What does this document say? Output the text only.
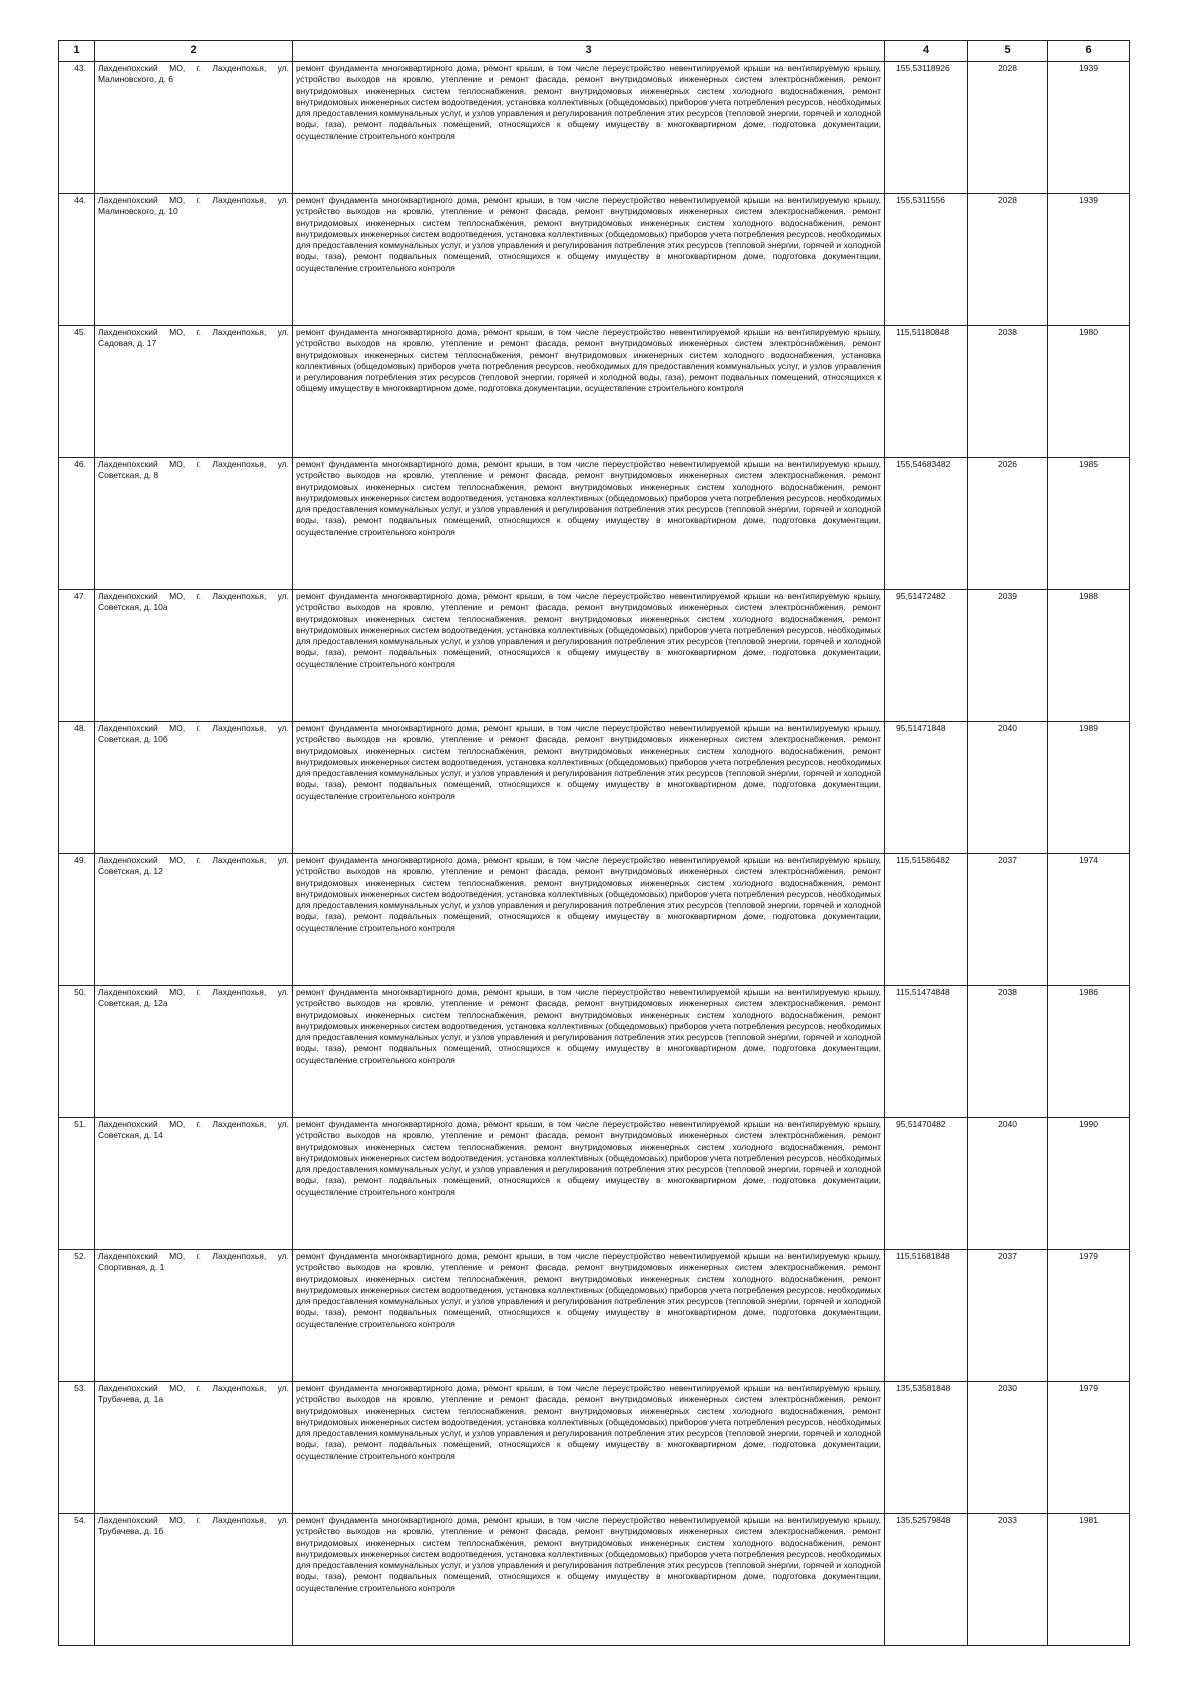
1	2	3	4	5	6
43.	Лахденпохский МО, г. Лахденпохья, ул. Малиновского, д. 6	ремонт фундамента многоквартирного дома, ремонт крыши, в том числе переустройство невентилируемой крыши на вентилируемую крышу, устройство выходов на кровлю, утепление и ремонт фасада, ремонт внутридомовых инженерных систем электроснабжения, ремонт внутридомовых инженерных систем теплоснабжения, ремонт внутридомовых инженерных систем холодного водоснабжения, ремонт внутридомовых инженерных систем водоотведения, установка коллективных (общедомовых) приборов учета потребления ресурсов, необходимых для предоставления коммунальных услуг, и узлов управления и регулирования потребления этих ресурсов (тепловой энергии, горячей и холодной воды, газа), ремонт подвальных помещений, относящихся к общему имуществу в многоквартирном доме, подготовка документации, осуществление строительного контроля	155,53118926	2028	1939
44.	Лахденпохский МО, г. Лахденпохья, ул. Малиновского, д. 10	ремонт фундамента многоквартирного дома, ремонт крыши, в том числе переустройство невентилируемой крыши на вентилируемую крышу, устройство выходов на кровлю, утепление и ремонт фасада, ремонт внутридомовых инженерных систем электроснабжения, ремонт внутридомовых инженерных систем теплоснабжения, ремонт внутридомовых инженерных систем холодного водоснабжения, ремонт внутридомовых инженерных систем водоотведения, установка коллективных (общедомовых) приборов учета потребления ресурсов, необходимых для предоставления коммунальных услуг, и узлов управления и регулирования потребления этих ресурсов (тепловой энергии, горячей и холодной воды, газа), ремонт подвальных помещений, относящихся к общему имуществу в многоквартирном доме, подготовка документации, осуществление строительного контроля	155,5311556	2028	1939
45.	Лахденпохский МО, г. Лахденпохья, ул. Садовая, д. 17	ремонт фундамента многоквартирного дома, ремонт крыши, в том числе переустройство невентилируемой крыши на вентилируемую крышу, устройство выходов на кровлю, утепление и ремонт фасада, ремонт внутридомовых инженерных систем электроснабжения, ремонт внутридомовых инженерных систем теплоснабжения, ремонт внутридомовых инженерных систем холодного водоснабжения, установка коллективных (общедомовых) приборов учета потребления ресурсов, необходимых для предоставления коммунальных услуг, и узлов управления и регулирования потребления этих ресурсов (тепловой энергии, горячей и холодной воды, газа), ремонт подвальных помещений, относящихся к общему имуществу в многоквартирном доме, подготовка документации, осуществление строительного контроля	115,51180848	2038	1980
46.	Лахденпохский МО, г. Лахденпохья, ул. Советская, д. 8	ремонт фундамента многоквартирного дома, ремонт крыши, в том числе переустройство невентилируемой крыши на вентилируемую крышу, устройство выходов на кровлю, утепление и ремонт фасада, ремонт внутридомовых инженерных систем электроснабжения, ремонт внутридомовых инженерных систем теплоснабжения, ремонт внутридомовых инженерных систем холодного водоснабжения, ремонт внутридомовых инженерных систем водоотведения, установка коллективных (общедомовых) приборов учета потребления ресурсов, необходимых для предоставления коммунальных услуг, и узлов управления и регулирования потребления этих ресурсов (тепловой энергии, горячей и холодной воды, газа), ремонт подвальных помещений, относящихся к общему имуществу в многоквартирном доме, подготовка документации, осуществление строительного контроля	155,54683482	2026	1985
47.	Лахденпохский МО, г. Лахденпохья, ул. Советская, д. 10а	ремонт фундамента многоквартирного дома, ремонт крыши, в том числе переустройство невентилируемой крыши на вентилируемую крышу, устройство выходов на кровлю, утепление и ремонт фасада, ремонт внутридомовых инженерных систем электроснабжения, ремонт внутридомовых инженерных систем теплоснабжения, ремонт внутридомовых инженерных систем холодного водоснабжения, ремонт внутридомовых инженерных систем водоотведения, установка коллективных (общедомовых) приборов учета потребления ресурсов, необходимых для предоставления коммунальных услуг, и узлов управления и регулирования потребления этих ресурсов (тепловой энергии, горячей и холодной воды, газа), ремонт подвальных помещений, относящихся к общему имуществу в многоквартирном доме, подготовка документации, осуществление строительного контроля	95,51472482	2039	1988
48.	Лахденпохский МО, г. Лахденпохья, ул. Советская, д. 10б	ремонт фундамента многоквартирного дома, ремонт крыши, в том числе переустройство невентилируемой крыши на вентилируемую крышу, устройство выходов на кровлю, утепление и ремонт фасада, ремонт внутридомовых инженерных систем электроснабжения, ремонт внутридомовых инженерных систем теплоснабжения, ремонт внутридомовых инженерных систем холодного водоснабжения, ремонт внутридомовых инженерных систем водоотведения, установка коллективных (общедомовых) приборов учета потребления ресурсов, необходимых для предоставления коммунальных услуг, и узлов управления и регулирования потребления этих ресурсов (тепловой энергии, горячей и холодной воды, газа), ремонт подвальных помещений, относящихся к общему имуществу в многоквартирном доме, подготовка документации, осуществление строительного контроля	95,51471848	2040	1989
49.	Лахденпохский МО, г. Лахденпохья, ул. Советская, д. 12	ремонт фундамента многоквартирного дома, ремонт крыши, в том числе переустройство невентилируемой крыши на вентилируемую крышу, устройство выходов на кровлю, утепление и ремонт фасада, ремонт внутридомовых инженерных систем электроснабжения, ремонт внутридомовых инженерных систем теплоснабжения, ремонт внутридомовых инженерных систем холодного водоснабжения, ремонт внутридомовых инженерных систем водоотведения, установка коллективных (общедомовых) приборов учета потребления ресурсов, необходимых для предоставления коммунальных услуг, и узлов управления и регулирования потребления этих ресурсов (тепловой энергии, горячей и холодной воды, газа), ремонт подвальных помещений, относящихся к общему имуществу в многоквартирном доме, подготовка документации, осуществление строительного контроля	115,51586482	2037	1974
50.	Лахденпохский МО, г. Лахденпохья, ул. Советская, д. 12а	ремонт фундамента многоквартирного дома, ремонт крыши, в том числе переустройство невентилируемой крыши на вентилируемую крышу, устройство выходов на кровлю, утепление и ремонт фасада, ремонт внутридомовых инженерных систем электроснабжения, ремонт внутридомовых инженерных систем теплоснабжения, ремонт внутридомовых инженерных систем холодного водоснабжения, ремонт внутридомовых инженерных систем водоотведения, установка коллективных (общедомовых) приборов учета потребления ресурсов, необходимых для предоставления коммунальных услуг, и узлов управления и регулирования потребления этих ресурсов (тепловой энергии, горячей и холодной воды, газа), ремонт подвальных помещений, относящихся к общему имуществу в многоквартирном доме, подготовка документации, осуществление строительного контроля	115,51474848	2038	1986
51.	Лахденпохский МО, г. Лахденпохья, ул. Советская, д. 14	ремонт фундамента многоквартирного дома, ремонт крыши, в том числе переустройство невентилируемой крыши на вентилируемую крышу, устройство выходов на кровлю, утепление и ремонт фасада, ремонт внутридомовых инженерных систем электроснабжения, ремонт внутридомовых инженерных систем теплоснабжения, ремонт внутридомовых инженерных систем холодного водоснабжения, ремонт внутридомовых инженерных систем водоотведения, установка коллективных (общедомовых) приборов учета потребления ресурсов, необходимых для предоставления коммунальных услуг, и узлов управления и регулирования потребления этих ресурсов (тепловой энергии, горячей и холодной воды, газа), ремонт подвальных помещений, относящихся к общему имуществу в многоквартирном доме, подготовка документации, осуществление строительного контроля	95,51470482	2040	1990
52.	Лахденпохский МО, г. Лахденпохья, ул. Спортивная, д. 1	ремонт фундамента многоквартирного дома, ремонт крыши, в том числе переустройство невентилируемой крыши на вентилируемую крышу, устройство выходов на кровлю, утепление и ремонт фасада, ремонт внутридомовых инженерных систем электроснабжения, ремонт внутридомовых инженерных систем теплоснабжения, ремонт внутридомовых инженерных систем холодного водоснабжения, ремонт внутридомовых инженерных систем водоотведения, установка коллективных (общедомовых) приборов учета потребления ресурсов, необходимых для предоставления коммунальных услуг, и узлов управления и регулирования потребления этих ресурсов (тепловой энергии, горячей и холодной воды, газа), ремонт подвальных помещений, относящихся к общему имуществу в многоквартирном доме, подготовка документации, осуществление строительного контроля	115,51681848	2037	1979
53.	Лахденпохский МО, г. Лахденпохья, ул. Трубачева, д. 1а	ремонт фундамента многоквартирного дома, ремонт крыши, в том числе переустройство невентилируемой крыши на вентилируемую крышу, устройство выходов на кровлю, утепление и ремонт фасада, ремонт внутридомовых инженерных систем электроснабжения, ремонт внутридомовых инженерных систем теплоснабжения, ремонт внутридомовых инженерных систем холодного водоснабжения, ремонт внутридомовых инженерных систем водоотведения, установка коллективных (общедомовых) приборов учета потребления ресурсов, необходимых для предоставления коммунальных услуг, и узлов управления и регулирования потребления этих ресурсов (тепловой энергии, горячей и холодной воды, газа), ремонт подвальных помещений, относящихся к общему имуществу в многоквартирном доме, подготовка документации, осуществление строительного контроля	135,53581848	2030	1979
54.	Лахденпохский МО, г. Лахденпохья, ул. Трубачева, д. 1б	ремонт фундамента многоквартирного дома, ремонт крыши, в том числе переустройство невентилируемой крыши на вентилируемую крышу, устройство выходов на кровлю, утепление и ремонт фасада, ремонт внутридомовых инженерных систем электроснабжения, ремонт внутридомовых инженерных систем теплоснабжения, ремонт внутридомовых инженерных систем холодного водоснабжения, ремонт внутридомовых инженерных систем водоотведения, установка коллективных (общедомовых) приборов учета потребления ресурсов, необходимых для предоставления коммунальных услуг, и узлов управления и регулирования потребления этих ресурсов (тепловой энергии, горячей и холодной воды, газа), ремонт подвальных помещений, относящихся к общему имуществу в многоквартирном доме, подготовка документации, осуществление строительного контроля	135,52579848	2033	1981
